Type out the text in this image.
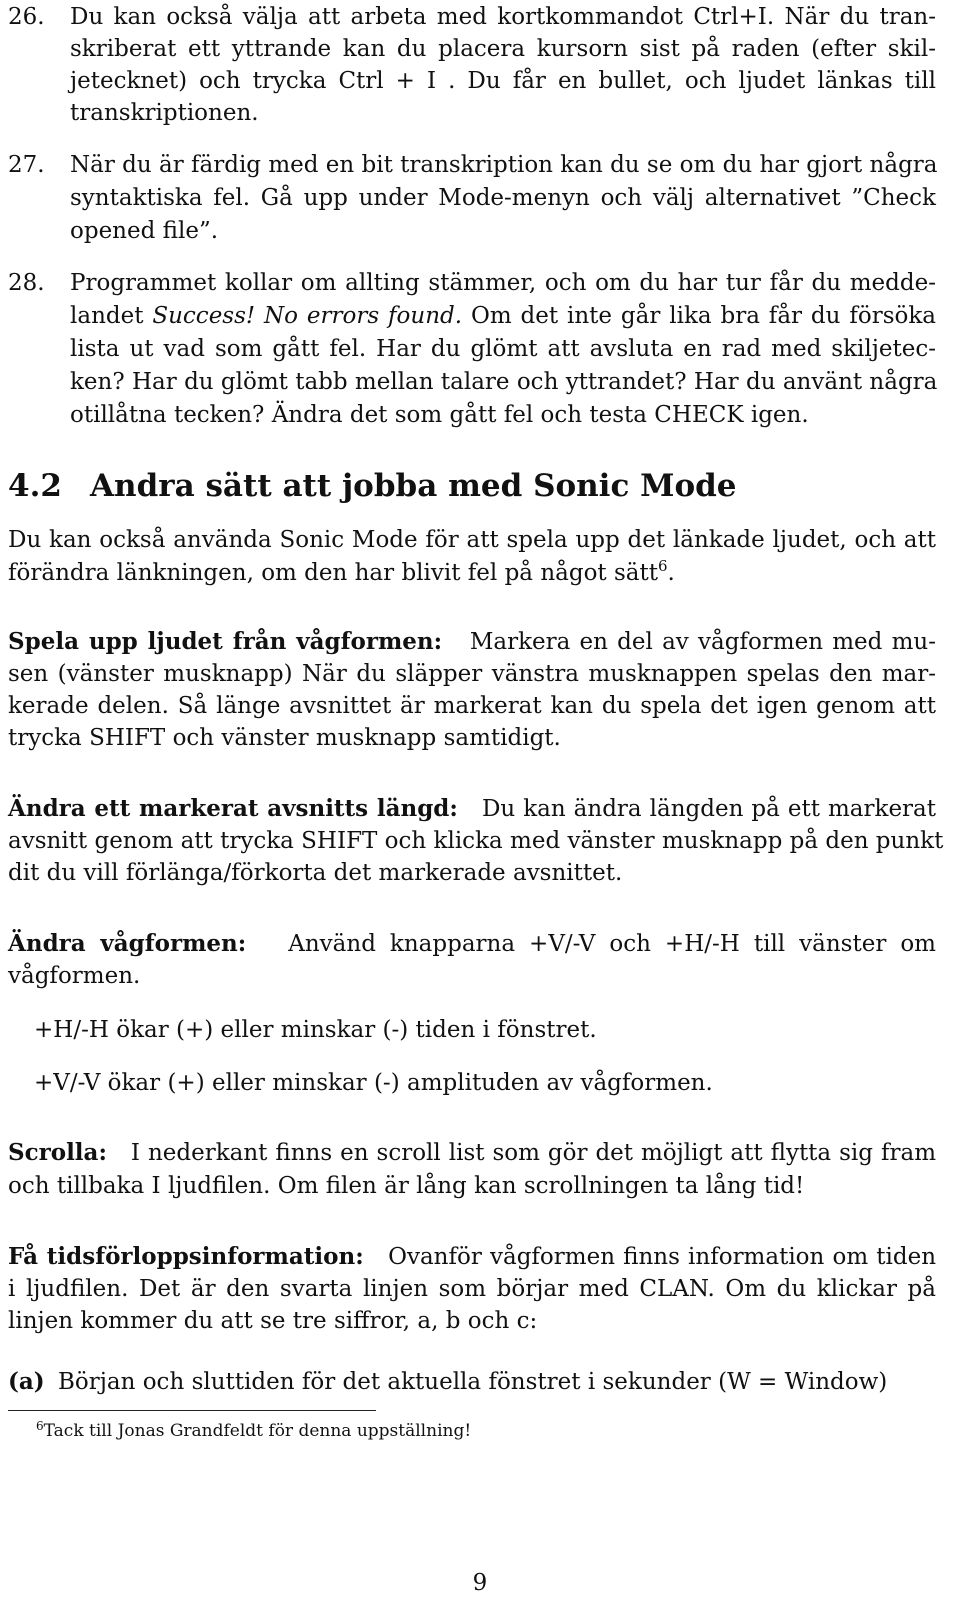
26. Du kan också välja att arbeta med kortkommandot Ctrl+I. När du tran-
skriberat ett yttrande kan du placera kursorn sist på raden (efter skil-
jetecknet) och trycka Ctrl + I . Du får en bullet, och ljudet länkas till
transkriptionen.
27. När du är färdig med en bit transkription kan du se om du har gjort några
syntaktiska fel. Gå upp under Mode-menyn och välj alternativet ”Check
opened file”.
28. Programmet kollar om allting stämmer, och om du har tur får du medde-
landet Success! No errors found. Om det inte går lika bra får du försöka
lista ut vad som gått fel. Har du glömt att avsluta en rad med skiljetec-
ken? Har du glömt tabb mellan talare och yttrandet? Har du använt några
otillåtna tecken? Ändra det som gått fel och testa CHECK igen.
4.2 Andra sätt att jobba med Sonic Mode
Du kan också använda Sonic Mode för att spela upp det länkade ljudet, och att
förändra länkningen, om den har blivit fel på något sätt$^6$.
Spela upp ljudet från vågformen: Markera en del av vågformen med mu-
sen (vänster musknapp) När du släpper vänstra musknappen spelas den mar-
kerade delen. Så länge avsnittet är markerat kan du spela det igen genom att
trycka SHIFT och vänster musknapp samtidigt.
Ändra ett markerat avsnitts längd: Du kan ändra längden på ett markerat
avsnitt genom att trycka SHIFT och klicka med vänster musknapp på den punkt
dit du vill förlänga/förkorta det markerade avsnittet.
Ändra vågformen: Använd knapparna +V/-V och +H/-H till vänster om
vågformen.
+H/-H ökar (+) eller minskar (-) tiden i fönstret.
+V/-V ökar (+) eller minskar (-) amplituden av vågformen.
Scrolla: I nederkant finns en scroll list som gör det möjligt att flytta sig fram
och tillbaka I ljudfilen. Om filen är lång kan scrollningen ta lång tid!
Få tidsförloppsinformation: Ovanför vågformen finns information om tiden
i ljudfilen. Det är den svarta linjen som börjar med CLAN. Om du klickar på
linjen kommer du att se tre siffror, a, b och c:
(a) Början och sluttiden för det aktuella fönstret i sekunder (W = Window)
$^6$Tack till Jonas Grandfeldt för denna uppställning!
9
